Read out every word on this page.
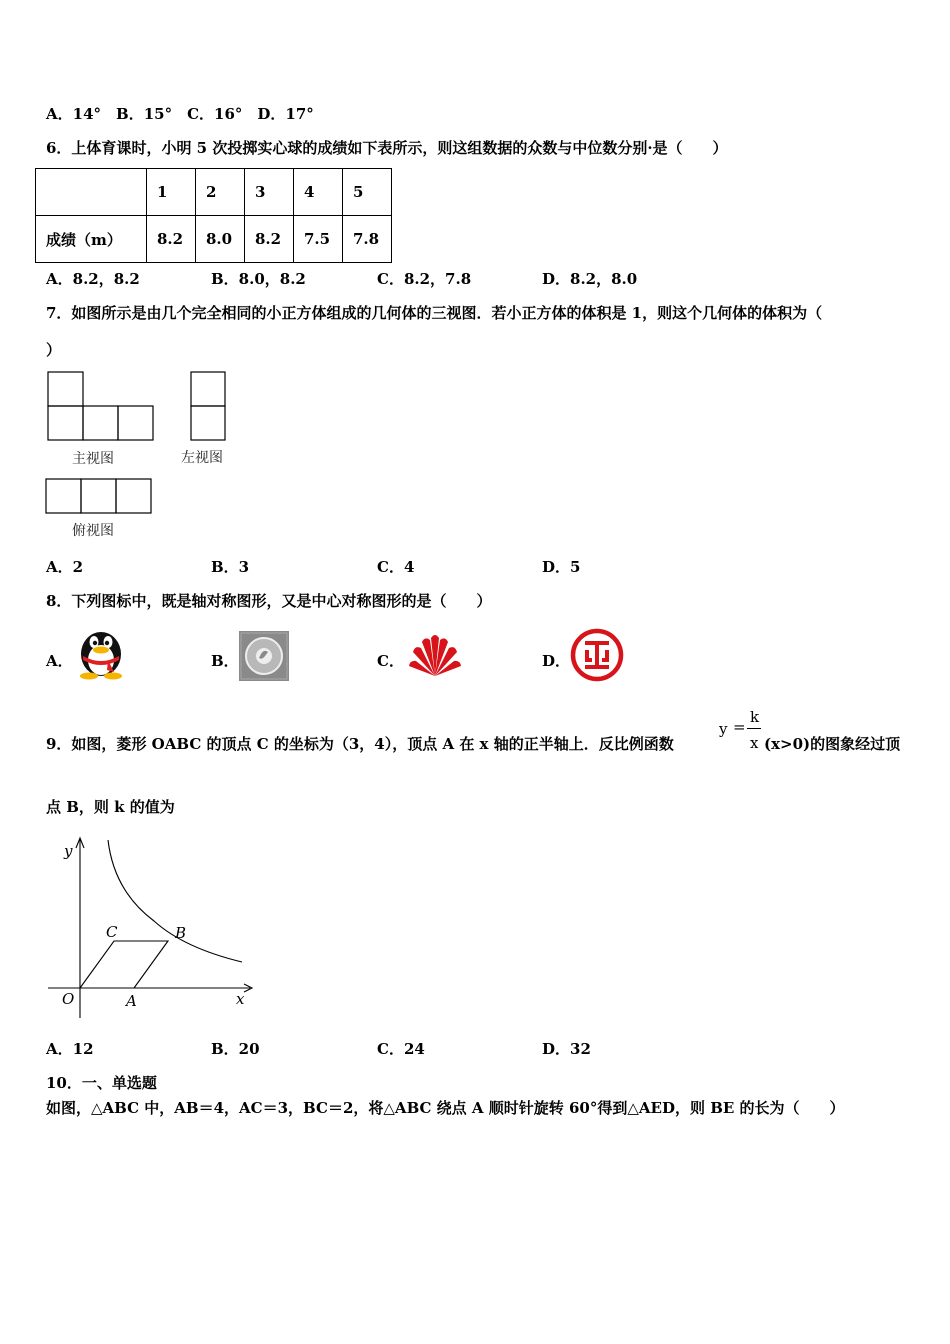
A．14°　B．15°　C．16°　D．17°
6．上体育课时，小明 5 次投掷实心球的成绩如下表所示，则这组数据的众数与中位数分别·是（　　）
	1	2	3	4	5
成绩（m）	8.2	8.0	8.2	7.5	7.8
A．8.2，8.2	B．8.0，8.2	C．8.2，7.8	D．8.2，8.0
7．如图所示是由几个完全相同的小正方体组成的几何体的三视图．若小正方体的体积是 1，则这个几何体的体积为（
）
主视图	左视图
俯视图
A．2	B．3	C．4	D．5
8．下列图标中，既是轴对称图形，又是中心对称图形的是（　　）
A．	B．	C．	D．
9．如图，菱形 OABC 的顶点 C 的坐标为（3，4），顶点 A 在 x 轴的正半轴上．反比例函数
y =
k
x (x>0)的图象经过顶
点 B，则 k 的值为
y
x
O	A
B
C
A．12	B．20	C．24	D．32
10．一、单选题
如图，△ABC 中，AB＝4，AC＝3，BC＝2，将△ABC 绕点 A 顺时针旋转 60°得到△AED，则 BE 的长为（　　）
